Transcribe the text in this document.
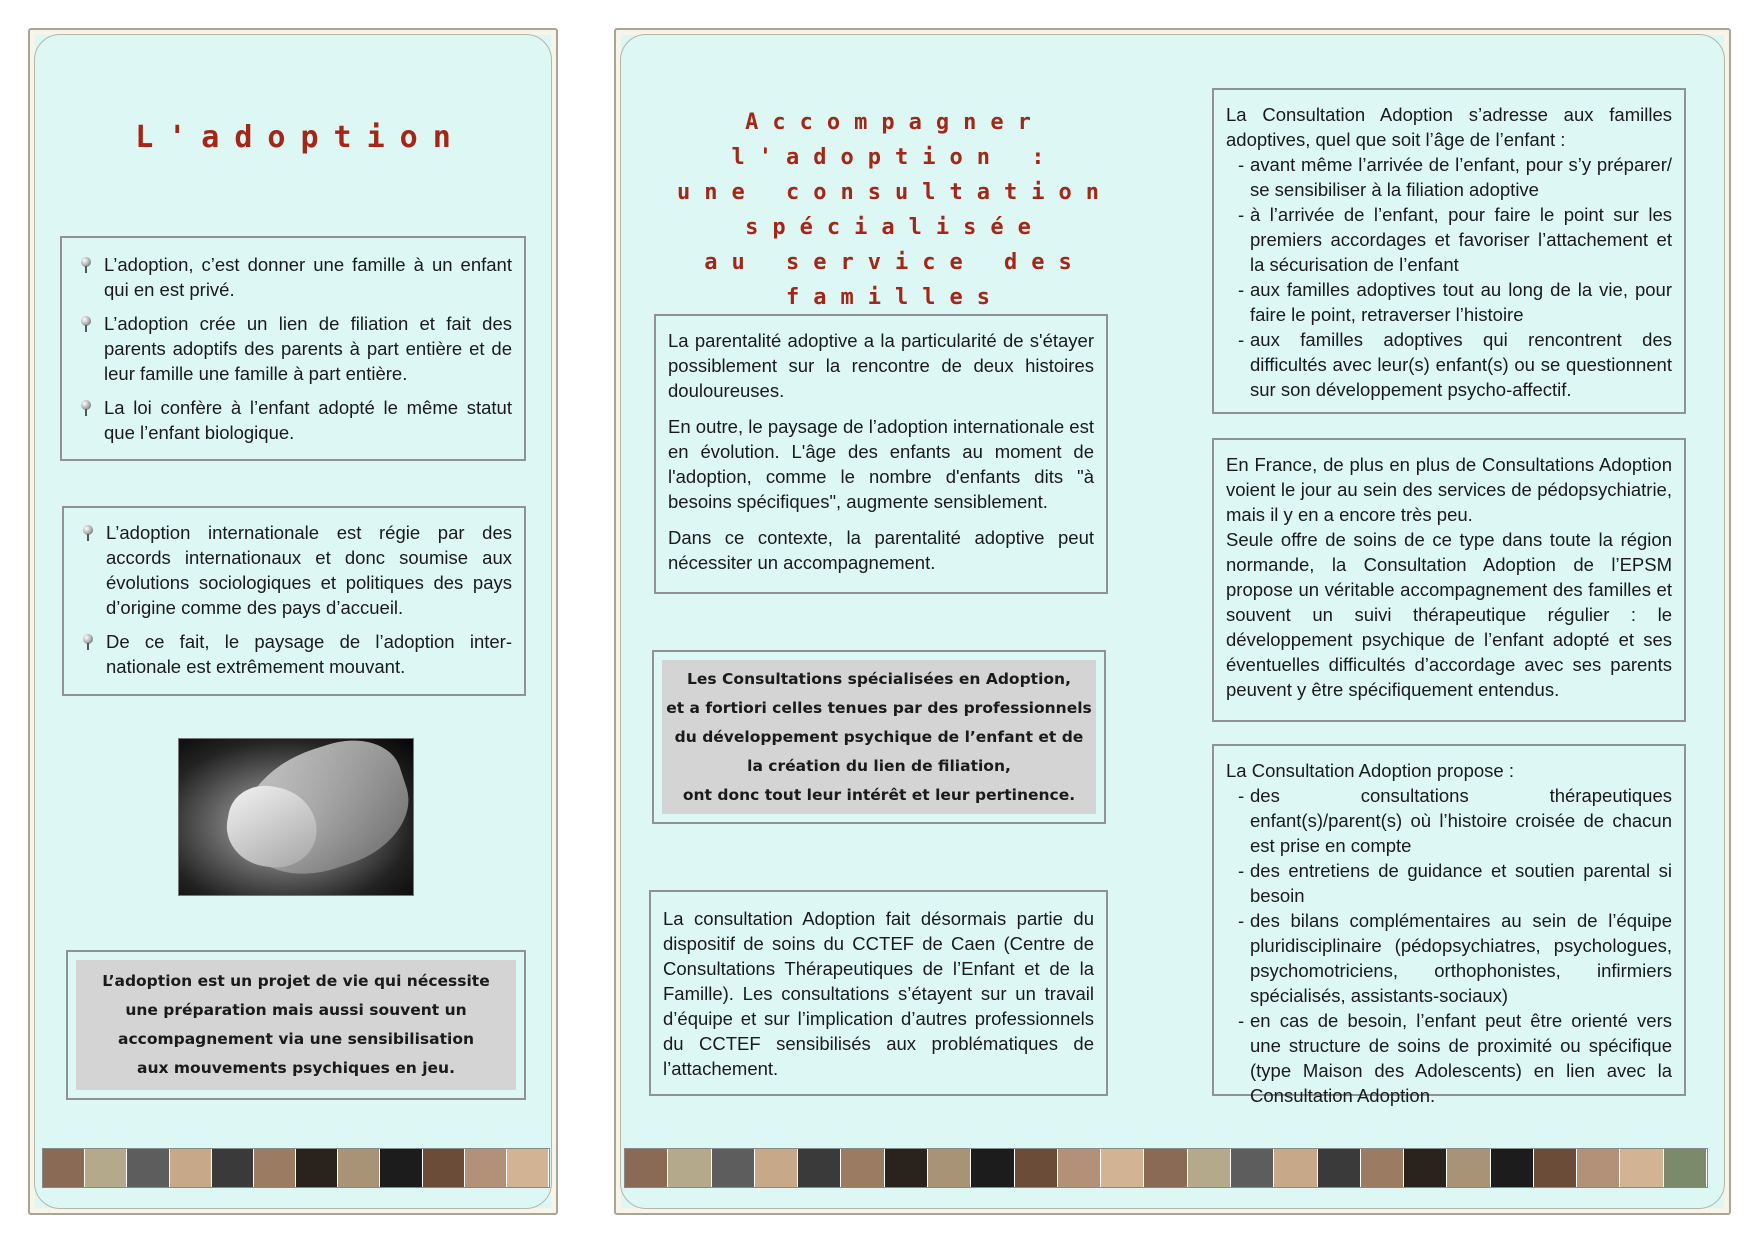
L'adoption
L’adoption, c’est donner une famille à un enfant qui en est privé.
L’adoption crée un lien de filiation et fait des parents adoptifs des parents à part entière et de leur famille une famille à part entière.
La loi confère à l’enfant adopté le même statut que l’enfant biologique.
L’adoption internationale est régie par des accords internationaux et donc soumise aux évolutions sociologiques et politiques des pays d’origine comme des pays d’accueil.
De ce fait, le paysage de l’adoption inter-nationale est extrêmement mouvant.
L’adoption est un projet de vie qui nécessite
une préparation mais aussi souvent un
accompagnement via une sensibilisation
aux mouvements psychiques en jeu.
Accompagner l'adoption :
une consultation spécialisée
au service des familles

La parentalité adoptive a la particularité de s'étayer possiblement sur la rencontre de deux histoires douloureuses.

En outre, le paysage de l’adoption internationale est en évolution. L'âge des enfants au moment de l'adoption, comme le nombre d'enfants dits "à besoins spécifiques", augmente sensiblement.

Dans ce contexte, la parentalité adoptive peut nécessiter un accompagnement.

Les Consultations spécialisées en Adoption,
et a fortiori celles tenues par des professionnels
du développement psychique de l’enfant et de
la création du lien de filiation,
ont donc tout leur intérêt et leur pertinence.

La consultation Adoption fait désormais partie du dispositif de soins du CCTEF de Caen (Centre de Consultations Thérapeutiques de l’Enfant et de la Famille). Les consultations s’étayent sur un travail d’équipe et sur l’implication d’autres professionnels du CCTEF sensibilisés aux problématiques de l’attachement.

La Consultation Adoption s’adresse aux familles adoptives, quel que soit l’âge de l’enfant :

- avant même l’arrivée de l’enfant, pour s’y préparer/ se sensibiliser à la filiation adoptive
- à l’arrivée de l’enfant, pour faire le point sur les premiers accordages et favoriser l’attachement et la sécurisation de l’enfant
- aux familles adoptives tout au long de la vie, pour faire le point, retraverser l’histoire
- aux familles adoptives qui rencontrent des difficultés avec leur(s) enfant(s) ou se questionnent sur son développement psycho-affectif.

En France, de plus en plus de Consultations Adoption voient le jour au sein des services de pédopsychiatrie, mais il y en a encore très peu.

Seule offre de soins de ce type dans toute la région normande, la Consultation Adoption de l’EPSM propose un véritable accompagnement des familles et souvent un suivi thérapeutique régulier : le développement psychique de l’enfant adopté et ses éventuelles difficultés d’accordage avec ses parents peuvent y être spécifiquement entendus.

La Consultation Adoption propose :

- des consultations thérapeutiques enfant(s)/parent(s) où l’histoire croisée de chacun est prise en compte
- des entretiens de guidance et soutien parental si besoin
- des bilans complémentaires au sein de l’équipe pluridisciplinaire (pédopsychiatres, psychologues, psychomotriciens, orthophonistes, infirmiers spécialisés, assistants-sociaux)
- en cas de besoin, l’enfant peut être orienté vers une structure de soins de proximité ou spécifique (type Maison des Adolescents) en lien avec la Consultation Adoption.
